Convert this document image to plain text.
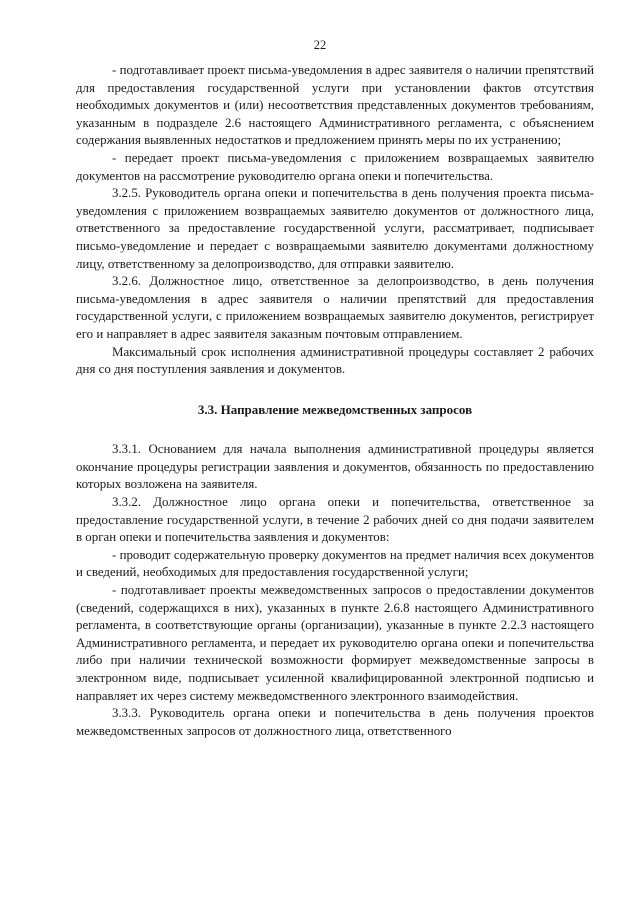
22

- подготавливает проект письма-уведомления в адрес заявителя о наличии препятствий для предоставления государственной услуги при установлении фактов отсутствия необходимых документов и (или) несоответствия представленных документов требованиям, указанным в подразделе 2.6 настоящего Административного регламента, с объяснением содержания выявленных недостатков и предложением принять меры по их устранению;

- передает проект письма-уведомления с приложением возвращаемых заявителю документов на рассмотрение руководителю органа опеки и попечительства.

3.2.5. Руководитель органа опеки и попечительства в день получения проекта письма-уведомления с приложением возвращаемых заявителю документов от должностного лица, ответственного за предоставление государственной услуги, рассматривает, подписывает письмо-уведомление и передает с возвращаемыми заявителю документами должностному лицу, ответственному за делопроизводство, для отправки заявителю.

3.2.6. Должностное лицо, ответственное за делопроизводство, в день получения письма-уведомления в адрес заявителя о наличии препятствий для предоставления государственной услуги, с приложением возвращаемых заявителю документов, регистрирует его и направляет в адрес заявителя заказным почтовым отправлением.

Максимальный срок исполнения административной процедуры составляет 2 рабочих дня со дня поступления заявления и документов.

3.3. Направление межведомственных запросов

3.3.1. Основанием для начала выполнения административной процедуры является окончание процедуры регистрации заявления и документов, обязанность по предоставлению которых возложена на заявителя.

3.3.2. Должностное лицо органа опеки и попечительства, ответственное за предоставление государственной услуги, в течение 2 рабочих дней со дня подачи заявителем в орган опеки и попечительства заявления и документов:

- проводит содержательную проверку документов на предмет наличия всех документов и сведений, необходимых для предоставления государственной услуги;

- подготавливает проекты межведомственных запросов о предоставлении документов (сведений, содержащихся в них), указанных в пункте 2.6.8 настоящего Административного регламента, в соответствующие органы (организации), указанные в пункте 2.2.3 настоящего Административного регламента, и передает их руководителю органа опеки и попечительства либо при наличии технической возможности формирует межведомственные запросы в электронном виде, подписывает усиленной квалифицированной электронной подписью и направляет их через систему межведомственного электронного взаимодействия.

3.3.3. Руководитель органа опеки и попечительства в день получения проектов межведомственных запросов от должностного лица, ответственного
